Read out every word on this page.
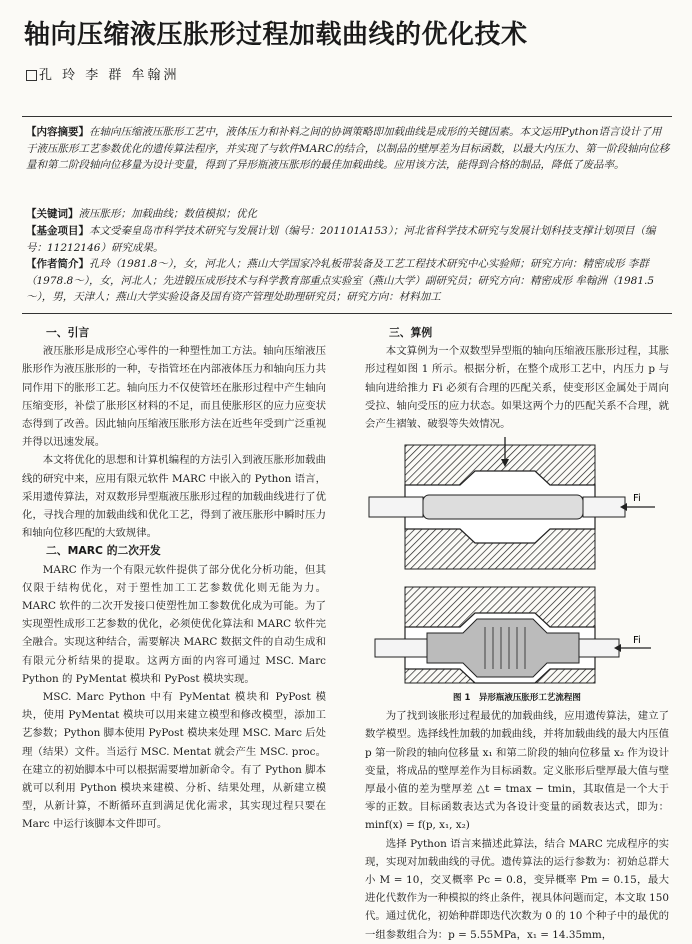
轴向压缩液压胀形过程加载曲线的优化技术
孔 玲 李 群 牟翰洲
【内容摘要】在轴向压缩液压胀形工艺中，液体压力和补料之间的协调策略即加载曲线是成形的关键因素。本文运用Python语言设计了用于液压胀形工艺参数优化的遗传算法程序，并实现了与软件MARC的结合，以制品的壁厚差为目标函数，以最大内压力、第一阶段轴向位移量和第二阶段轴向位移量为设计变量，得到了异形瓶液压胀形的最佳加载曲线。应用该方法，能得到合格的制品，降低了废品率。
【关键词】液压胀形；加载曲线；数值模拟；优化
【基金项目】本文受秦皇岛市科学技术研究与发展计划（编号：201101A153）；河北省科学技术研究与发展计划科技支撑计划项目（编号：11212146）研究成果。
【作者简介】孔玲（1981.8～），女，河北人；燕山大学国家冷轧板带装备及工艺工程技术研究中心实验师；研究方向：精密成形 李群（1978.8～），女，河北人；先进锻压成形技术与科学教育部重点实验室（燕山大学）副研究员；研究方向：精密成形 牟翰洲（1981.5～），男，天津人；燕山大学实验设备及国有资产管理处助理研究员；研究方向：材料加工
一、引言

液压胀形是成形空心零件的一种塑性加工方法。轴向压缩液压胀形作为液压胀形的一种，专指管坯在内部液体压力和轴向压力共同作用下的胀形工艺。轴向压力不仅使管坯在胀形过程中产生轴向压缩变形，补偿了胀形区材料的不足，而且使胀形区的应力应变状态得到了改善。因此轴向压缩液压胀形方法在近些年受到广泛重视并得以迅速发展。

本文将优化的思想和计算机编程的方法引入到液压胀形加载曲线的研究中来，应用有限元软件 MARC 中嵌入的 Python 语言，采用遗传算法，对双数形异型瓶液压胀形过程的加载曲线进行了优化，寻找合理的加载曲线和优化工艺，得到了液压胀形中瞬时压力和轴向位移匹配的大致规律。

二、MARC 的二次开发

MARC 作为一个有限元软件提供了部分优化分析功能，但其仅限于结构优化，对于塑性加工工艺参数优化则无能为力。MARC 软件的二次开发接口使塑性加工参数优化成为可能。为了实现塑性成形工艺参数的优化，必须使优化算法和 MARC 软件完全融合。实现这种结合，需要解决 MARC 数据文件的自动生成和有限元分析结果的提取。这两方面的内容可通过 MSC. Marc Python 的 PyMentat 模块和 PyPost 模块实现。

MSC. Marc Python 中有 PyMentat 模块和 PyPost 模块，使用 PyMentat 模块可以用来建立模型和修改模型，添加工艺参数；Python 脚本使用 PyPost 模块来处理 MSC. Marc 后处理（结果）文件。当运行 MSC. Mentat 就会产生 MSC. proc。在建立的初始脚本中可以根据需要增加新命令。有了 Python 脚本就可以利用 Python 模块来建模、分析、结果处理，从新建立模型，从新计算，不断循环直到满足优化需求，其实现过程只要在 Marc 中运行该脚本文件即可。

三、算例

本文算例为一个双数型异型瓶的轴向压缩液压胀形过程，其胀形过程如图 1 所示。根据分析，在整个成形工艺中，内压力 p 与轴向进给推力 Fi 必须有合理的匹配关系，使变形区金属处于周向受拉、轴向受压的应力状态。如果这两个力的匹配关系不合理，就会产生褶皱、破裂等失效情况。

Fi
Fi
图 1　异形瓶液压胀形工艺流程图

为了找到该胀形过程最优的加载曲线，应用遗传算法，建立了数学模型。选择线性加载的加载曲线，并将加载曲线的最大内压值 p 第一阶段的轴向位移量 x₁ 和第二阶段的轴向位移量 x₂ 作为设计变量，将成品的壁厚差作为目标函数。定义胀形后壁厚最大值与壁厚最小值的差为壁厚差 △t = tmax − tmin，其取值是一个大于零的正数。目标函数表达式为各设计变量的函数表达式，即为：minf(x) = f(p, x₁, x₂)

选择 Python 语言来描述此算法，结合 MARC 完成程序的实现，实现对加载曲线的寻优。遗传算法的运行参数为：初始总群大小 M = 10，交叉概率 Pc = 0.8，变异概率 Pm = 0.15，最大进化代数作为一种模拟的终止条件，视具体问题而定，本文取 150 代。通过优化，初始种群即迭代次数为 0 的 10 个种子中的最优的一组参数组合为：p = 5.55MPa，x₁ = 14.35mm，
